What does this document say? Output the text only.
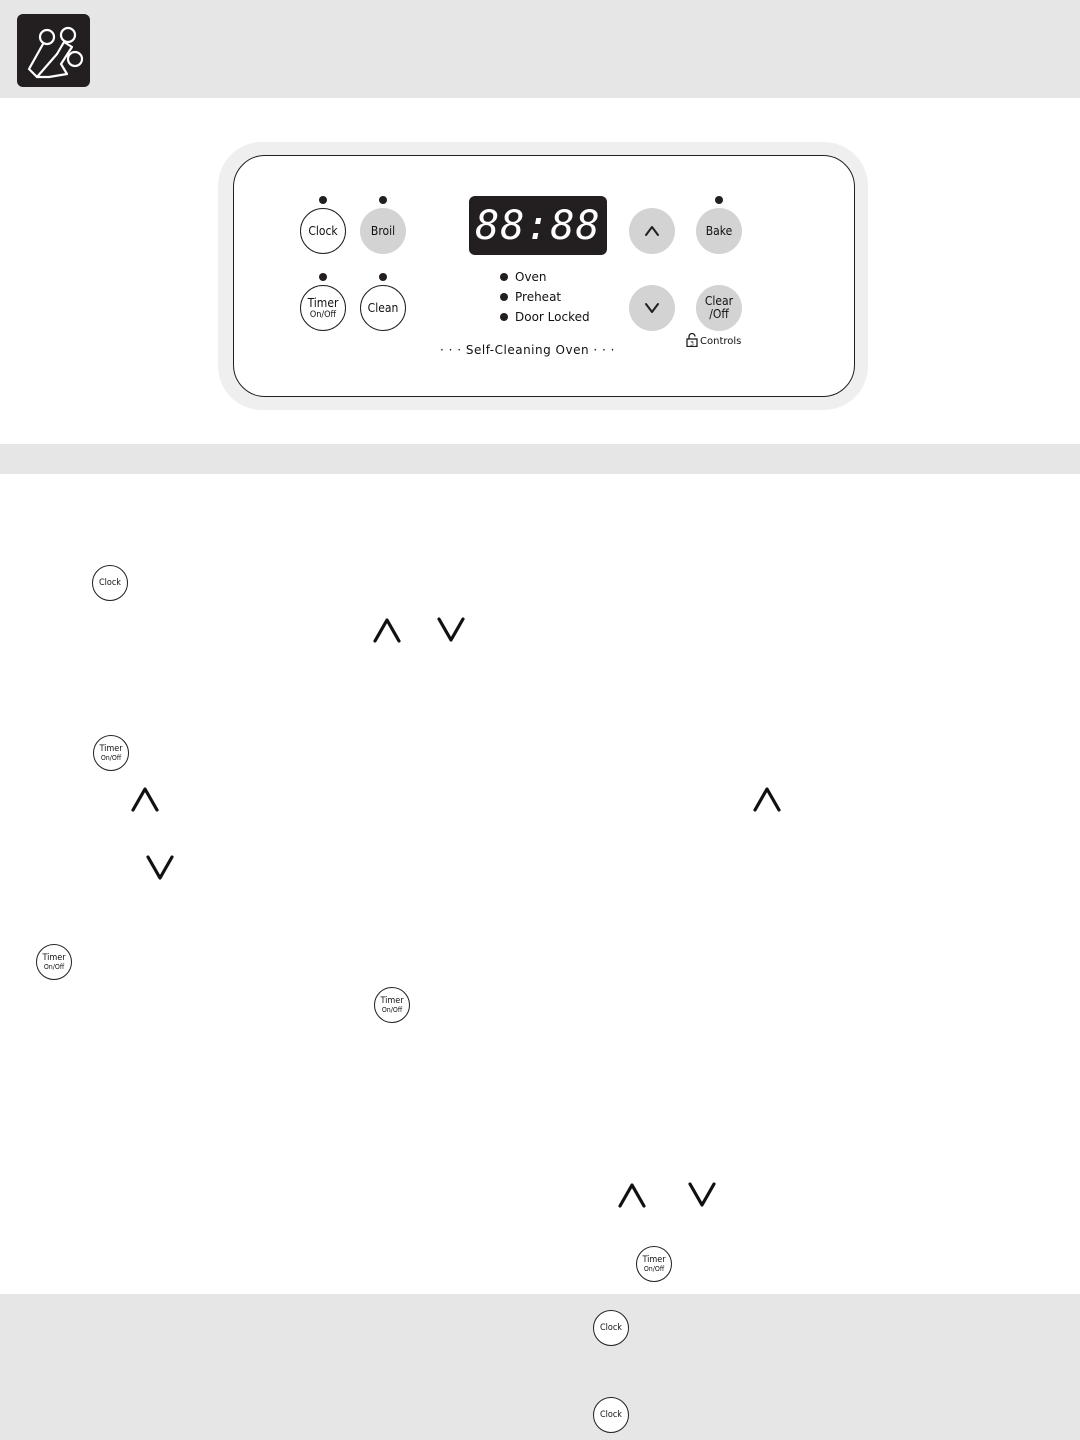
Clock	Broil
Timer
On/Off	Clean
88:88
Oven
Preheat
Door Locked
· · · Self-Cleaning Oven · · ·
Bake
Clear
/Off
3 Controls
Clock
Timer
On/Off
Timer
On/Off
Timer
On/Off
Timer
On/Off
Clock
Clock
